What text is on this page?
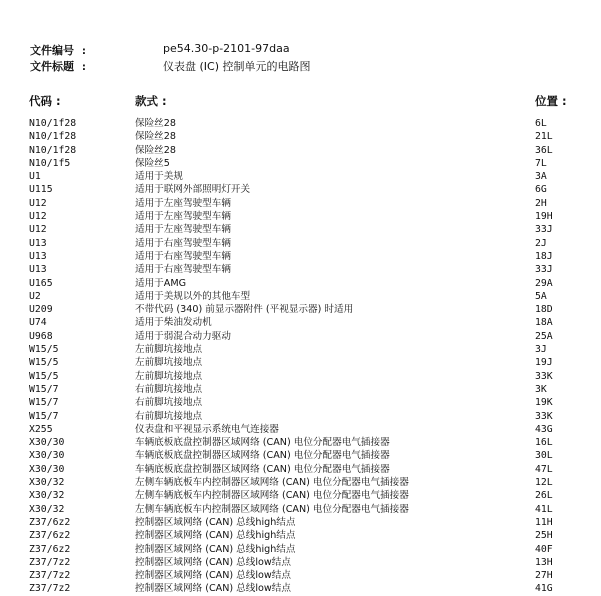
文件编号 :	pe54.30-p-2101-97daa
文件标题 :	仪表盘 (IC) 控制单元的电路图
代码 :	款式 :	位置 :
N10/1f28	保险丝28	6L
N10/1f28	保险丝28	21L
N10/1f28	保险丝28	36L
N10/1f5	保险丝5	7L
U1	适用于美规	3A
U115	适用于联网外部照明灯开关	6G
U12	适用于左座驾驶型车辆	2H
U12	适用于左座驾驶型车辆	19H
U12	适用于左座驾驶型车辆	33J
U13	适用于右座驾驶型车辆	2J
U13	适用于右座驾驶型车辆	18J
U13	适用于右座驾驶型车辆	33J
U165	适用于AMG	29A
U2	适用于美规以外的其他车型	5A
U209	不带代码 (340) 前显示器附件 (平视显示器) 时适用	18D
U74	适用于柴油发动机	18A
U968	适用于弱混合动力驱动	25A
W15/5	左前脚坑接地点	3J
W15/5	左前脚坑接地点	19J
W15/5	左前脚坑接地点	33K
W15/7	右前脚坑接地点	3K
W15/7	右前脚坑接地点	19K
W15/7	右前脚坑接地点	33K
X255	仪表盘和平视显示系统电气连接器	43G
X30/30	车辆底板底盘控制器区域网络 (CAN) 电位分配器电气插接器	16L
X30/30	车辆底板底盘控制器区域网络 (CAN) 电位分配器电气插接器	30L
X30/30	车辆底板底盘控制器区域网络 (CAN) 电位分配器电气插接器	47L
X30/32	左侧车辆底板车内控制器区域网络 (CAN) 电位分配器电气插接器	12L
X30/32	左侧车辆底板车内控制器区域网络 (CAN) 电位分配器电气插接器	26L
X30/32	左侧车辆底板车内控制器区域网络 (CAN) 电位分配器电气插接器	41L
Z37/6z2	控制器区域网络 (CAN) 总线high结点	11H
Z37/6z2	控制器区域网络 (CAN) 总线high结点	25H
Z37/6z2	控制器区域网络 (CAN) 总线high结点	40F
Z37/7z2	控制器区域网络 (CAN) 总线low结点	13H
Z37/7z2	控制器区域网络 (CAN) 总线low结点	27H
Z37/7z2	控制器区域网络 (CAN) 总线low结点	41G
